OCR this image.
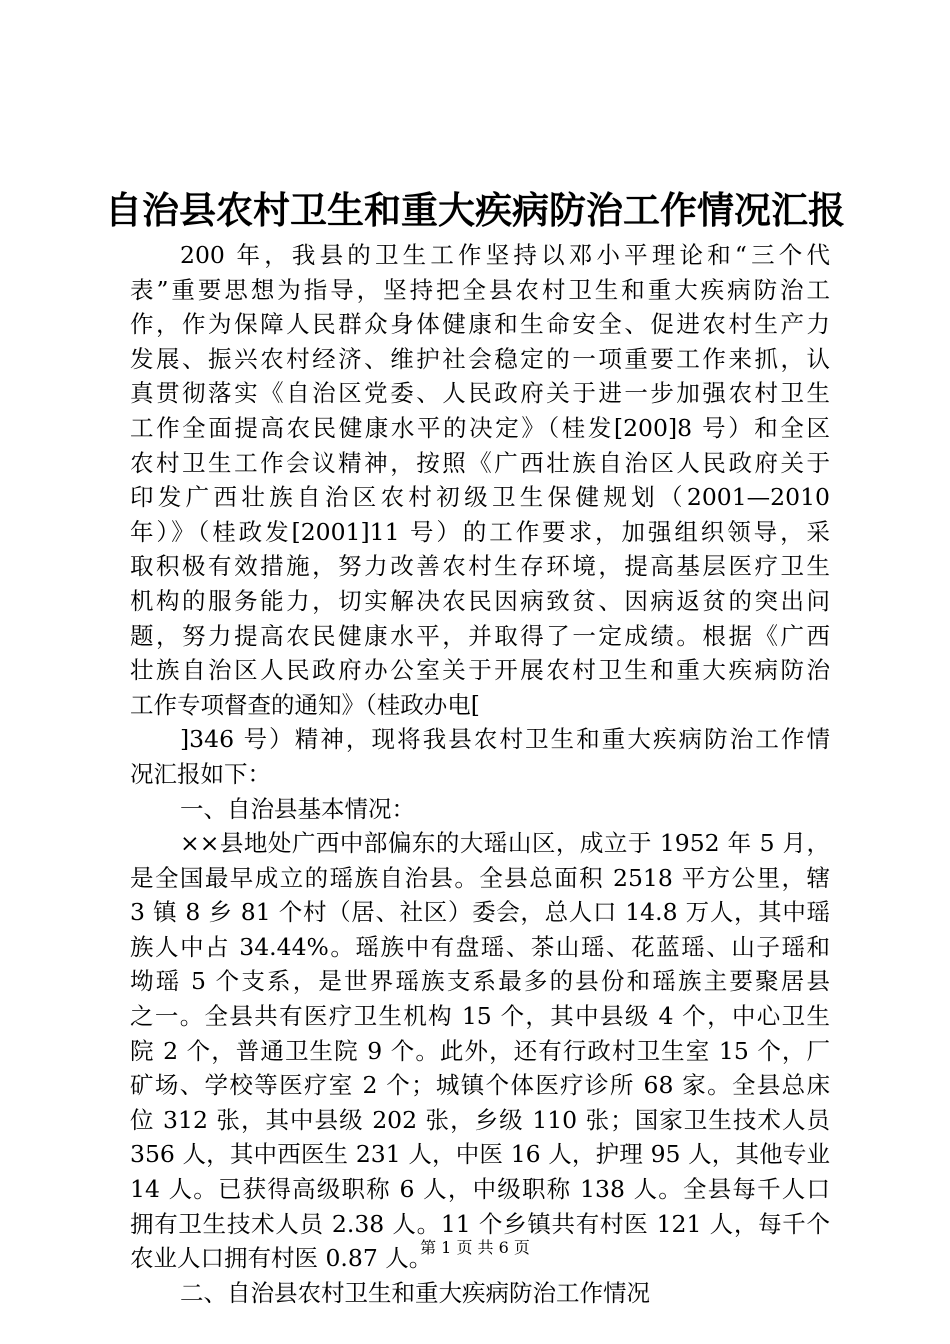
自治县农村卫生和重大疾病防治工作情况汇报
200 年，我县的卫生工作坚持以邓小平理论和“三个代
表”重要思想为指导，坚持把全县农村卫生和重大疾病防治工
作，作为保障人民群众身体健康和生命安全、促进农村生产力
发展、振兴农村经济、维护社会稳定的一项重要工作来抓，认
真贯彻落实《自治区党委、人民政府关于进一步加强农村卫生
工作全面提高农民健康水平的决定》（桂发[200]8 号）和全区
农村卫生工作会议精神，按照《广西壮族自治区人民政府关于
印发广西壮族自治区农村初级卫生保健规划（2001—2010
年）》（桂政发[2001]11 号）的工作要求，加强组织领导，采
取积极有效措施，努力改善农村生存环境，提高基层医疗卫生
机构的服务能力，切实解决农民因病致贫、因病返贫的突出问
题，努力提高农民健康水平，并取得了一定成绩。根据《广西
壮族自治区人民政府办公室关于开展农村卫生和重大疾病防治
工作专项督查的通知》（桂政办电[
]346 号）精神，现将我县农村卫生和重大疾病防治工作情
况汇报如下：
一、自治县基本情况：
××县地处广西中部偏东的大瑶山区，成立于 1952 年 5 月，
是全国最早成立的瑶族自治县。全县总面积 2518 平方公里，辖
3 镇 8 乡 81 个村（居、社区）委会，总人口 14.8 万人，其中瑶
族人中占 34.44%。瑶族中有盘瑶、茶山瑶、花蓝瑶、山子瑶和
坳瑶 5 个支系，是世界瑶族支系最多的县份和瑶族主要聚居县
之一。全县共有医疗卫生机构 15 个，其中县级 4 个，中心卫生
院 2 个，普通卫生院 9 个。此外，还有行政村卫生室 15 个，厂
矿场、学校等医疗室 2 个；城镇个体医疗诊所 68 家。全县总床
位 312 张，其中县级 202 张，乡级 110 张；国家卫生技术人员
356 人，其中西医生 231 人，中医 16 人，护理 95 人，其他专业
14 人。已获得高级职称 6 人，中级职称 138 人。全县每千人口
拥有卫生技术人员 2.38 人。11 个乡镇共有村医 121 人，每千个
农业人口拥有村医 0.87 人。
二、自治县农村卫生和重大疾病防治工作情况
第 1 页 共 6 页
